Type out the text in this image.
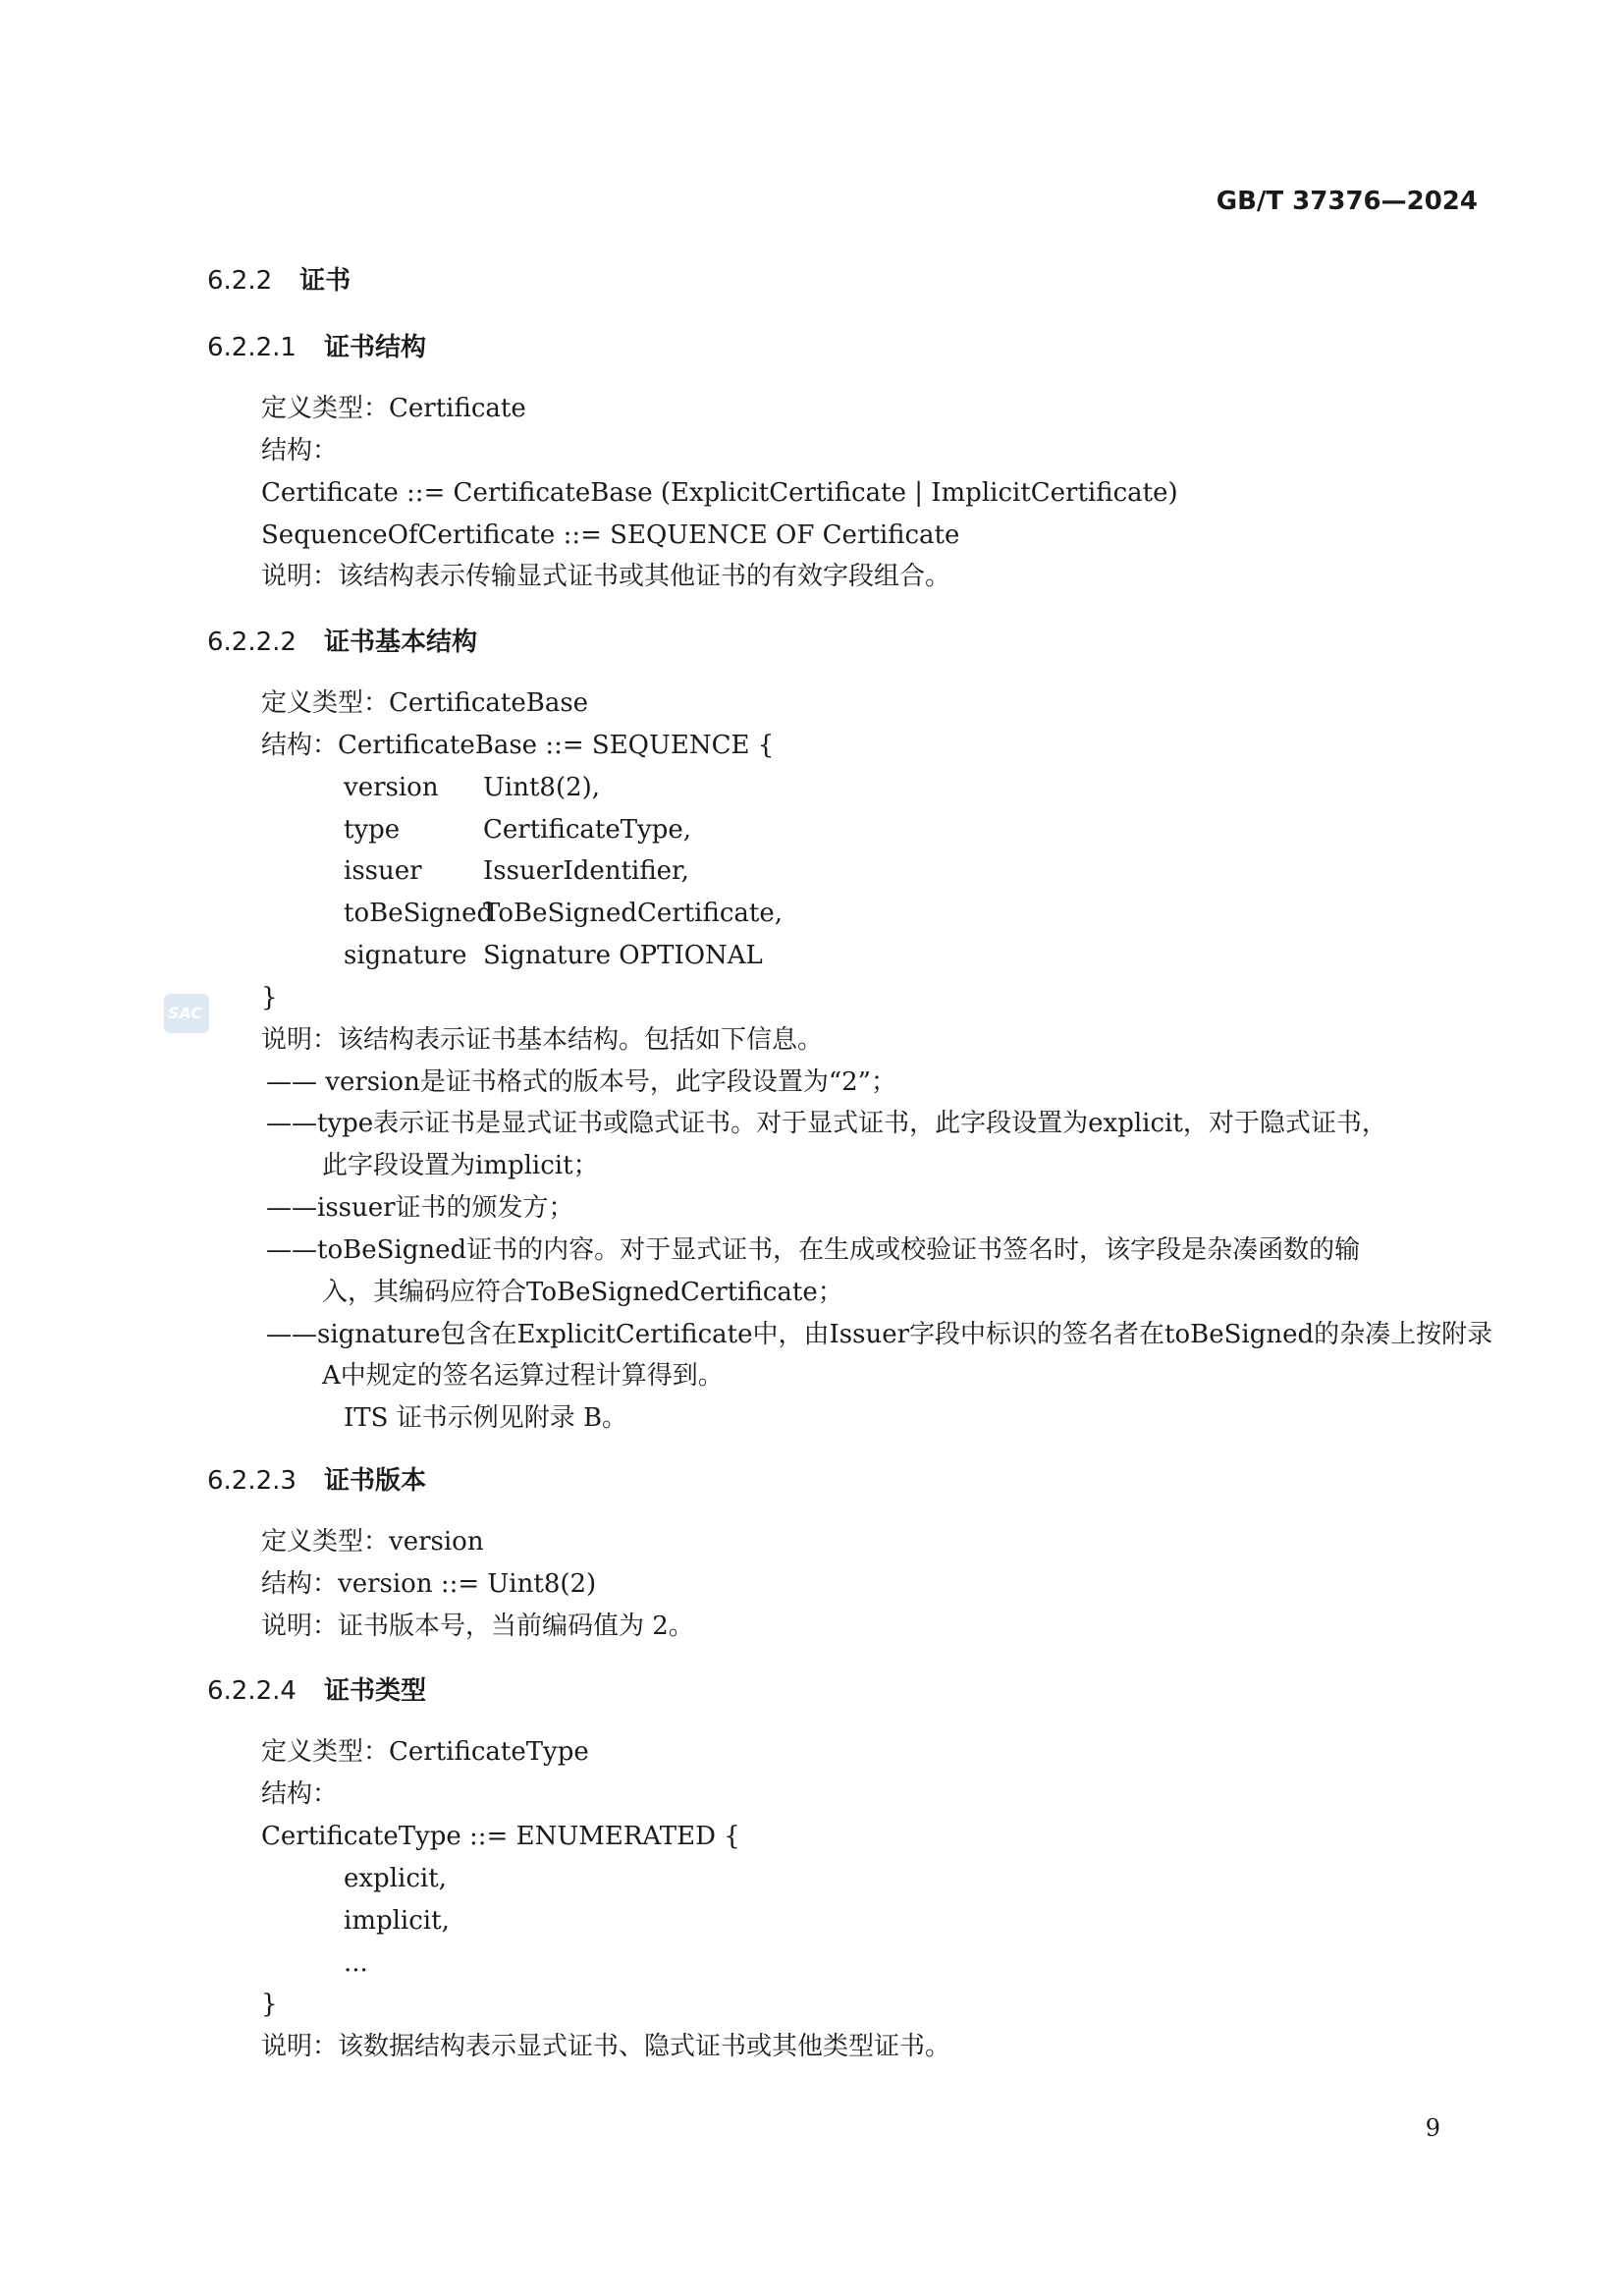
GB/T 37376—2024
6.2.2 证书
6.2.2.1 证书结构
定义类型：Certificate
结构：
Certificate ::= CertificateBase (ExplicitCertificate | ImplicitCertificate)
SequenceOfCertificate ::= SEQUENCE OF Certificate
说明：该结构表示传输显式证书或其他证书的有效字段组合。
6.2.2.2 证书基本结构
定义类型：CertificateBase
结构：CertificateBase ::= SEQUENCE {
version Uint8(2),
type	CertificateType,
issuer IssuerIdentifier,
toBeSignedToBeSignedCertificate,
signature Signature OPTIONAL
}
SAC
说明：该结构表示证书基本结构。包括如下信息。
—— version是证书格式的版本号，此字段设置为“2”；
——type表示证书是显式证书或隐式证书。对于显式证书，此字段设置为explicit，对于隐式证书，
此字段设置为implicit；
——issuer证书的颁发方；
——toBeSigned证书的内容。对于显式证书，在生成或校验证书签名时，该字段是杂凑函数的输
入，其编码应符合ToBeSignedCertificate；
——signature包含在ExplicitCertificate中，由Issuer字段中标识的签名者在toBeSigned的杂凑上按附录
A中规定的签名运算过程计算得到。
ITS 证书示例见附录 B。
6.2.2.3 证书版本
定义类型：version
结构：version ::= Uint8(2)
说明：证书版本号，当前编码值为 2。
6.2.2.4 证书类型
定义类型：CertificateType
结构：
CertificateType ::= ENUMERATED {
explicit,
implicit,
...
}
说明：该数据结构表示显式证书、隐式证书或其他类型证书。
9
